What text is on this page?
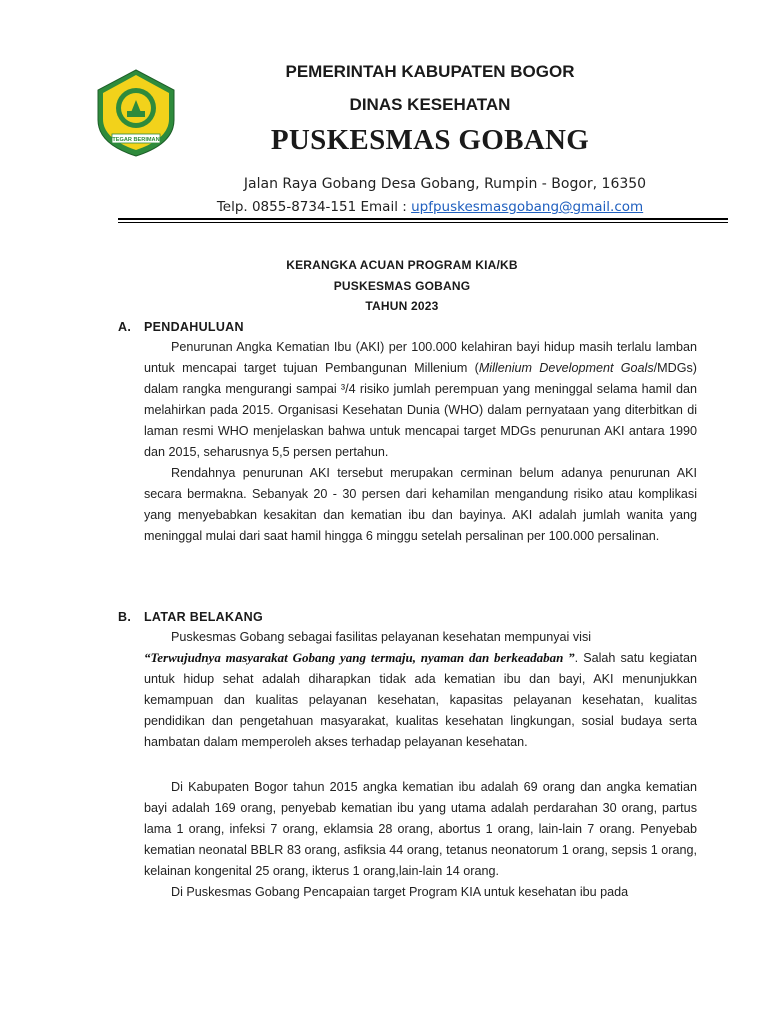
TEGAR BERIMAN
PEMERINTAH KABUPATEN BOGOR
DINAS KESEHATAN
PUSKESMAS GOBANG
Jalan Raya Gobang Desa Gobang, Rumpin - Bogor, 16350
Telp. 0855-8734-151 Email : upfpuskesmasgobang@gmail.com
KERANGKA ACUAN PROGRAM KIA/KB
PUSKESMAS GOBANG
TAHUN 2023
A. PENDAHULUAN

Penurunan Angka Kematian Ibu (AKI) per 100.000 kelahiran bayi hidup masih terlalu lamban untuk mencapai target tujuan Pembangunan Millenium (Millenium Development Goals/MDGs) dalam rangka mengurangi sampai ³/4 risiko jumlah perempuan yang meninggal selama hamil dan melahirkan pada 2015. Organisasi Kesehatan Dunia (WHO) dalam pernyataan yang diterbitkan di laman resmi WHO menjelaskan bahwa untuk mencapai target MDGs penurunan AKI antara 1990 dan 2015, seharusnya 5,5 persen pertahun.

Rendahnya penurunan AKI tersebut merupakan cerminan belum adanya penurunan AKI secara bermakna. Sebanyak 20 - 30 persen dari kehamilan mengandung risiko atau komplikasi yang menyebabkan kesakitan dan kematian ibu dan bayinya. AKI adalah jumlah wanita yang meninggal mulai dari saat hamil hingga 6 minggu setelah persalinan per 100.000 persalinan.

B. LATAR BELAKANG

Puskesmas Gobang sebagai fasilitas pelayanan kesehatan mempunyai visi

“Terwujudnya masyarakat Gobang yang termaju, nyaman dan berkeadaban ”. Salah satu kegiatan untuk hidup sehat adalah diharapkan tidak ada kematian ibu dan bayi, AKI menunjukkan kemampuan dan kualitas pelayanan kesehatan, kapasitas pelayanan kesehatan, kualitas pendidikan dan pengetahuan masyarakat, kualitas kesehatan lingkungan, sosial budaya serta hambatan dalam memperoleh akses terhadap pelayanan kesehatan.

Di Kabupaten Bogor tahun 2015 angka kematian ibu adalah 69 orang dan angka kematian bayi adalah 169 orang, penyebab kematian ibu yang utama adalah perdarahan 30 orang, partus lama 1 orang, infeksi 7 orang, eklamsia 28 orang, abortus 1 orang, lain-lain 7 orang. Penyebab kematian neonatal BBLR 83 orang, asfiksia 44 orang, tetanus neonatorum 1 orang, sepsis 1 orang, kelainan kongenital 25 orang, ikterus 1 orang,lain-lain 14 orang.

Di Puskesmas Gobang Pencapaian target Program KIA untuk kesehatan ibu pada
